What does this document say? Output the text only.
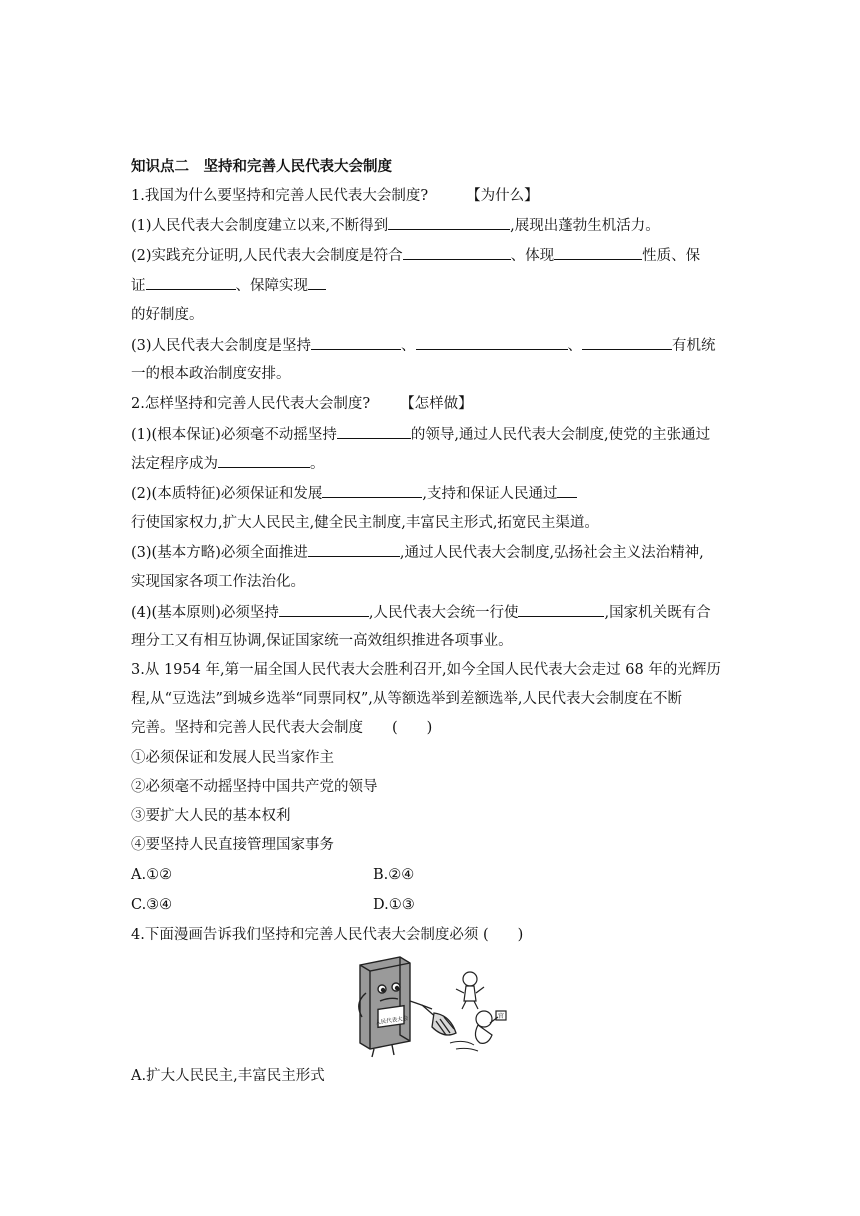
知识点二　坚持和完善人民代表大会制度
1.我国为什么要坚持和完善人民代表大会制度?	【为什么】
(1)人民代表大会制度建立以来,不断得到	,展现出蓬勃生机活力。
(2)实践充分证明,人民代表大会制度是符合	、体现	性质、保
证	、保障实现
的好制度。
(3)人民代表大会制度是坚持	、	、	有机统
一的根本政治制度安排。
2.怎样坚持和完善人民代表大会制度? 【怎样做】
(1)(根本保证)必须毫不动摇坚持	的领导,通过人民代表大会制度,使党的主张通过
法定程序成为	。
(2)(本质特征)必须保证和发展	,支持和保证人民通过
行使国家权力,扩大人民民主,健全民主制度,丰富民主形式,拓宽民主渠道。
(3)(基本方略)必须全面推进	,通过人民代表大会制度,弘扬社会主义法治精神,
实现国家各项工作法治化。
(4)(基本原则)必须坚持	,人民代表大会统一行使	,国家机关既有合
理分工又有相互协调,保证国家统一高效组织推进各项事业。
3.从 1954 年,第一届全国人民代表大会胜利召开,如今全国人民代表大会走过 68 年的光辉历
程,从“豆选法”到城乡选举“同票同权”,从等额选举到差额选举,人民代表大会制度在不断
完善。坚持和完善人民代表大会制度　　(　　)
①必须保证和发展人民当家作主
②必须毫不动摇坚持中国共产党的领导
③要扩大人民的基本权利
④要坚持人民直接管理国家事务
A.①②	B.②④
C.③④	D.①③
4.下面漫画告诉我们坚持和完善人民代表大会制度必须 (　　)
人民代表大会	官
A.扩大人民民主,丰富民主形式
